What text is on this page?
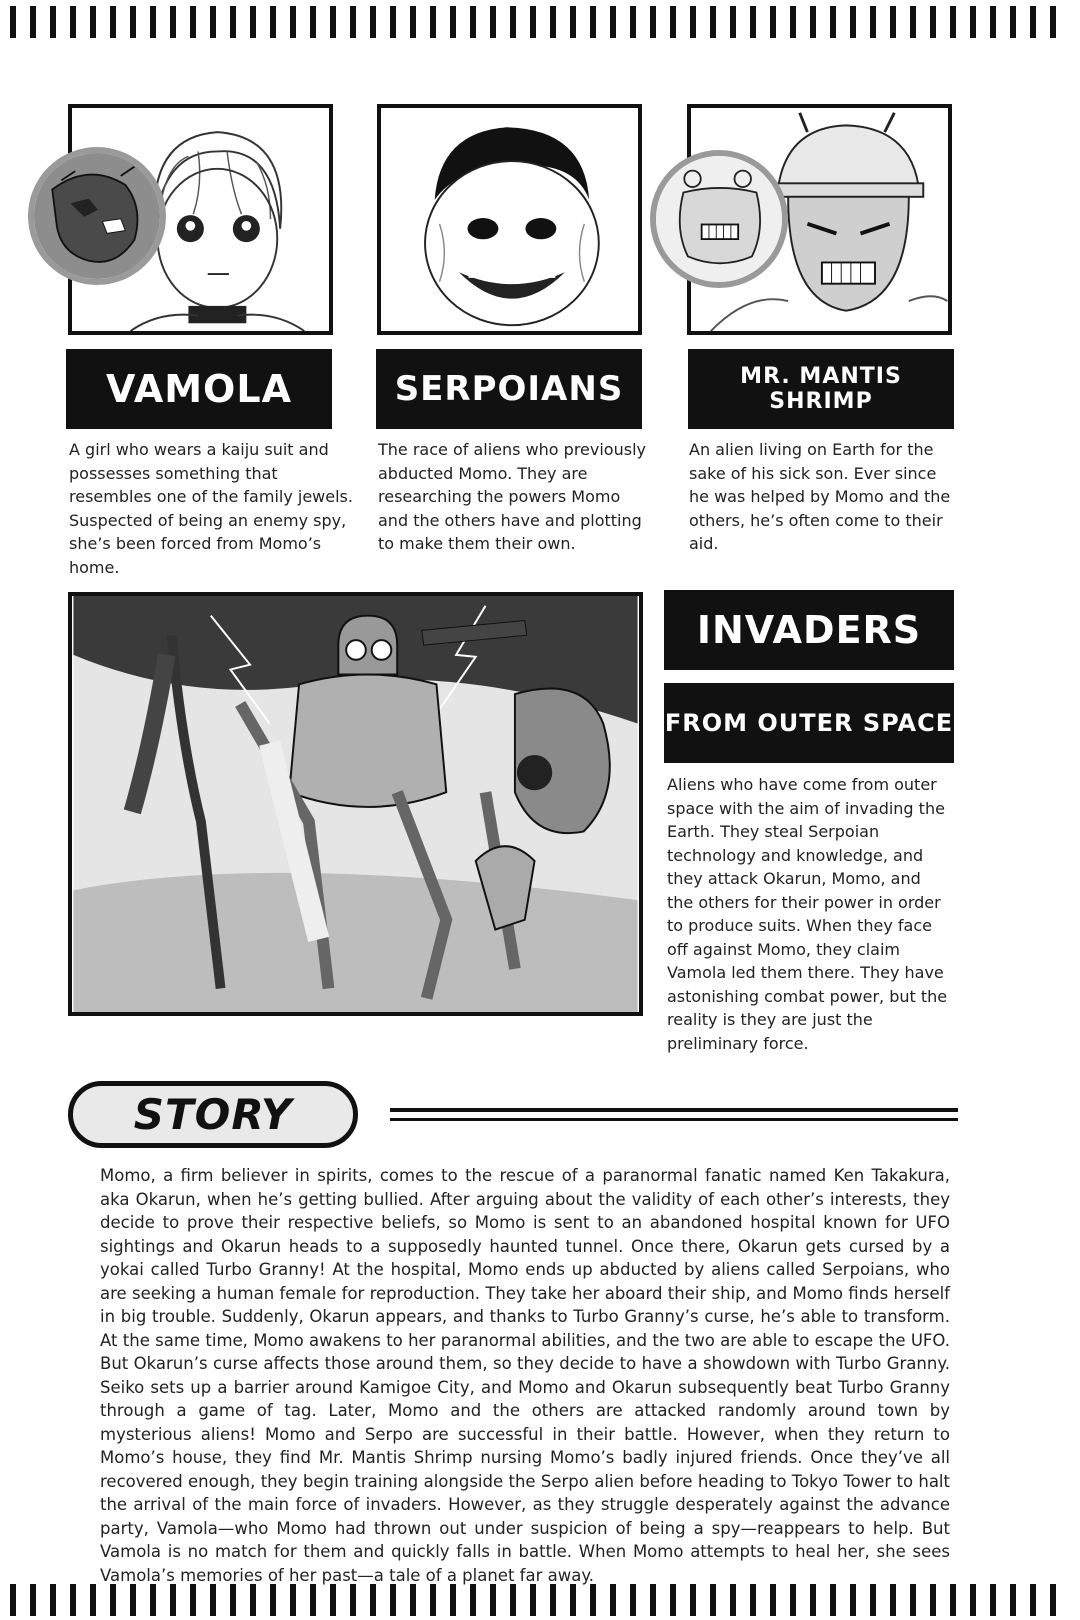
VAMOLA
A girl who wears a kaiju suit and possesses something that resembles one of the family jewels. Suspected of being an enemy spy, she’s been forced from Momo’s home.
SERPOIANS
The race of aliens who previously abducted Momo. They are researching the powers Momo and the others have and plotting to make them their own.
MR. MANTIS SHRIMP
An alien living on Earth for the sake of his sick son. Ever since he was helped by Momo and the others, he’s often come to their aid.
INVADERS
FROM OUTER SPACE
Aliens who have come from outer space with the aim of invading the Earth. They steal Serpoian technology and knowledge, and they attack Okarun, Momo, and the others for their power in order to produce suits. When they face off against Momo, they claim Vamola led them there. They have astonishing combat power, but the reality is they are just the preliminary force.
STORY
Momo, a firm believer in spirits, comes to the rescue of a paranormal fanatic named Ken Takakura, aka Okarun, when he’s getting bullied. After arguing about the validity of each other’s interests, they decide to prove their respective beliefs, so Momo is sent to an abandoned hospital known for UFO sightings and Okarun heads to a supposedly haunted tunnel. Once there, Okarun gets cursed by a yokai called Turbo Granny! At the hospital, Momo ends up abducted by aliens called Serpoians, who are seeking a human female for reproduction. They take her aboard their ship, and Momo finds herself in big trouble. Suddenly, Okarun appears, and thanks to Turbo Granny’s curse, he’s able to transform. At the same time, Momo awakens to her paranormal abilities, and the two are able to escape the UFO. But Okarun’s curse affects those around them, so they decide to have a showdown with Turbo Granny. Seiko sets up a barrier around Kamigoe City, and Momo and Okarun subsequently beat Turbo Granny through a game of tag. Later, Momo and the others are attacked randomly around town by mysterious aliens! Momo and Serpo are successful in their battle. However, when they return to Momo’s house, they find Mr. Mantis Shrimp nursing Momo’s badly injured friends. Once they’ve all recovered enough, they begin training alongside the Serpo alien before heading to Tokyo Tower to halt the arrival of the main force of invaders. However, as they struggle desperately against the advance party, Vamola—who Momo had thrown out under suspicion of being a spy—reappears to help. But Vamola is no match for them and quickly falls in battle. When Momo attempts to heal her, she sees Vamola’s memories of her past—a tale of a planet far away.
